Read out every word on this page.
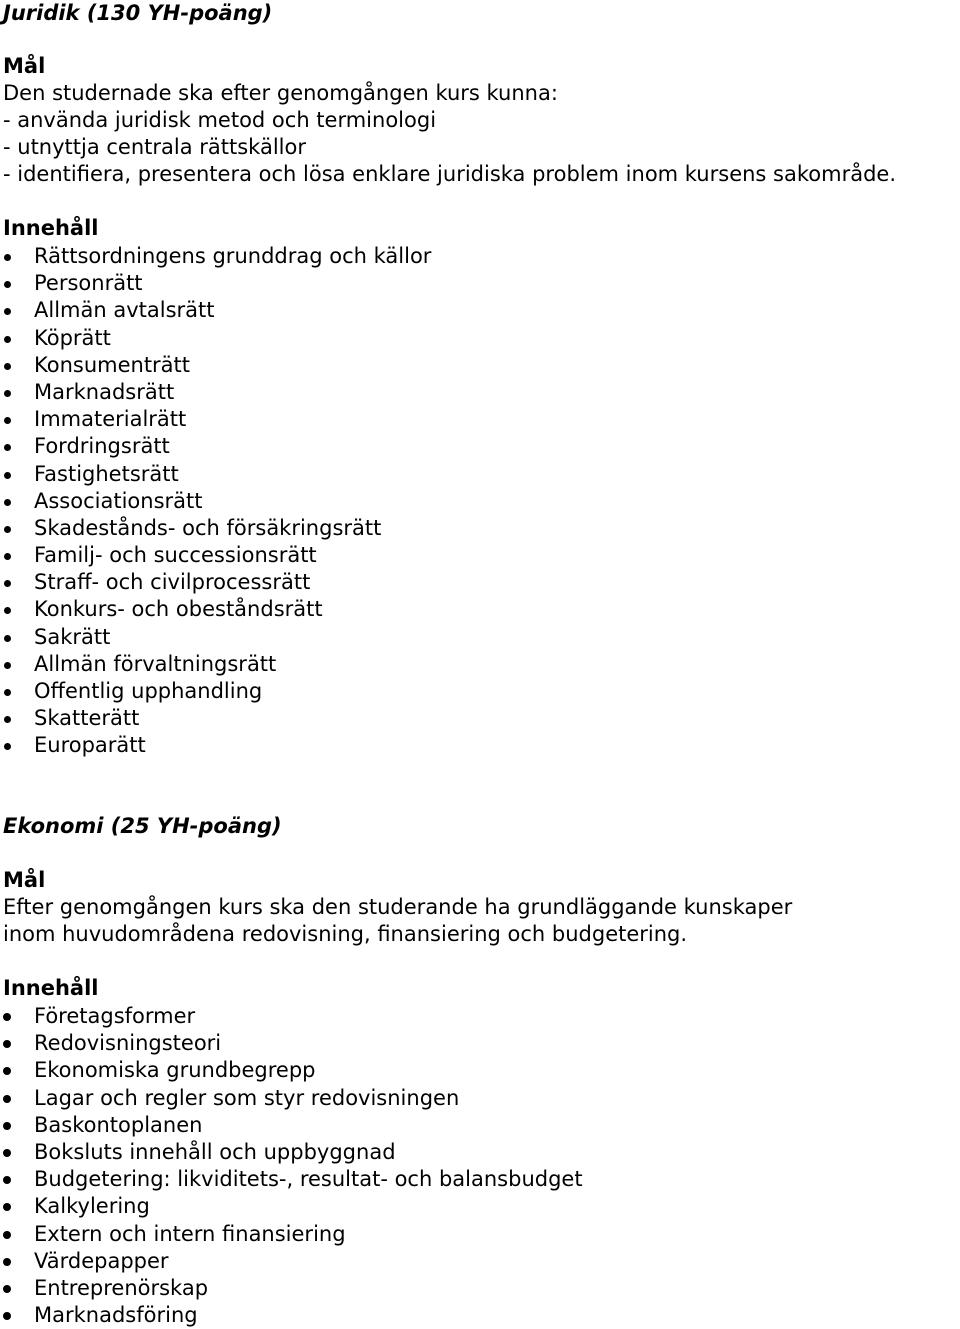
Juridik (130 YH-poäng)
Mål
Den studernade ska efter genomgången kurs kunna:
- använda juridisk metod och terminologi
- utnyttja centrala rättskällor
- identifiera, presentera och lösa enklare juridiska problem inom kursens sakområde.
Innehåll
Rättsordningens grunddrag och källor
Personrätt
Allmän avtalsrätt
Köprätt
Konsumenträtt
Marknadsrätt
Immaterialrätt
Fordringsrätt
Fastighetsrätt
Associationsrätt
Skadestånds- och försäkringsrätt
Familj- och successionsrätt
Straff- och civilprocessrätt
Konkurs- och obeståndsrätt
Sakrätt
Allmän förvaltningsrätt
Offentlig upphandling
Skatterätt
Europarätt
Ekonomi (25 YH-poäng)
Mål
Efter genomgången kurs ska den studerande ha grundläggande kunskaper
inom huvudområdena redovisning, finansiering och budgetering.
Innehåll
Företagsformer
Redovisningsteori
Ekonomiska grundbegrepp
Lagar och regler som styr redovisningen
Baskontoplanen
Boksluts innehåll och uppbyggnad
Budgetering: likviditets-, resultat- och balansbudget
Kalkylering
Extern och intern finansiering
Värdepapper
Entreprenörskap
Marknadsföring
